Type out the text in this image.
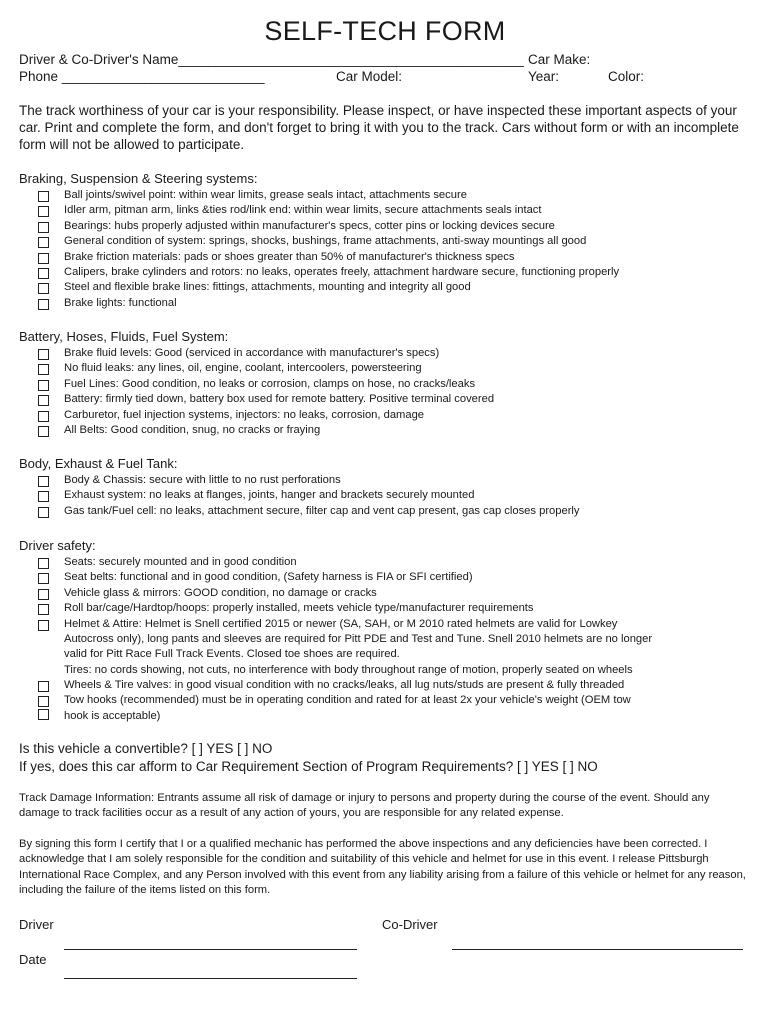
SELF-TECH FORM
Driver & Co-Driver's Name______________________________________________ Car Make:
Phone ___________________________	Car Model:	Year:	Color:
The track worthiness of your car is your responsibility. Please inspect, or have inspected these important aspects of your car. Print and complete the form, and don't forget to bring it with you to the track. Cars without form or with an incomplete form will not be allowed to participate.
Braking, Suspension & Steering systems:
Ball joints/swivel point: within wear limits, grease seals intact, attachments secure
Idler arm, pitman arm, links &ties rod/link end: within wear limits, secure attachments seals intact
Bearings: hubs properly adjusted within manufacturer's specs, cotter pins or locking devices secure
General condition of system: springs, shocks, bushings, frame attachments, anti-sway mountings all good
Brake friction materials: pads or shoes greater than 50% of manufacturer's thickness specs
Calipers, brake cylinders and rotors: no leaks, operates freely, attachment hardware secure, functioning properly
Steel and flexible brake lines: fittings, attachments, mounting and integrity all good
Brake lights: functional
Battery, Hoses, Fluids, Fuel System:
Brake fluid levels: Good (serviced in accordance with manufacturer's specs)
No fluid leaks: any lines, oil, engine, coolant, intercoolers, powersteering
Fuel Lines: Good condition, no leaks or corrosion, clamps on hose, no cracks/leaks
Battery: firmly tied down, battery box used for remote battery. Positive terminal covered
Carburetor, fuel injection systems, injectors: no leaks, corrosion, damage
All Belts: Good condition, snug, no cracks or fraying
Body, Exhaust & Fuel Tank:
Body & Chassis: secure with little to no rust perforations
Exhaust system: no leaks at flanges, joints, hanger and brackets securely mounted
Gas tank/Fuel cell: no leaks, attachment secure, filter cap and vent cap present, gas cap closes properly
Driver safety:
Seats: securely mounted and in good condition
Seat belts: functional and in good condition, (Safety harness is FIA or SFI certified)
Vehicle glass & mirrors: GOOD condition, no damage or cracks
Roll bar/cage/Hardtop/hoops: properly installed, meets vehicle type/manufacturer requirements
Helmet & Attire: Helmet is Snell certified 2015 or newer (SA, SAH, or M 2010 rated helmets are valid for Lowkey
Autocross only), long pants and sleeves are required for Pitt PDE and Test and Tune. Snell 2010 helmets are no longer
valid for Pitt Race Full Track Events. Closed toe shoes are required.
Tires: no cords showing, not cuts, no interference with body throughout range of motion, properly seated on wheels
Wheels & Tire valves: in good visual condition with no cracks/leaks, all lug nuts/studs are present & fully threaded
Tow hooks (recommended) must be in operating condition and rated for at least 2x your vehicle's weight (OEM tow
hook is acceptable)
Is this vehicle a convertible? [ ] YES [ ] NO
If yes, does this car afform to Car Requirement Section of Program Requirements? [ ] YES [ ] NO
Track Damage Information: Entrants assume all risk of damage or injury to persons and property during the course of the event. Should any damage to track facilities occur as a result of any action of yours, you are responsible for any related expense.
By signing this form I certify that I or a qualified mechanic has performed the above inspections and any deficiencies have been corrected. I acknowledge that I am solely responsible for the condition and suitability of this vehicle and helmet for use in this event. I release Pittsburgh International Race Complex, and any Person involved with this event from any liability arising from a failure of this vehicle or helmet for any reason, including the failure of the items listed on this form.
Driver	Co-Driver
Date
